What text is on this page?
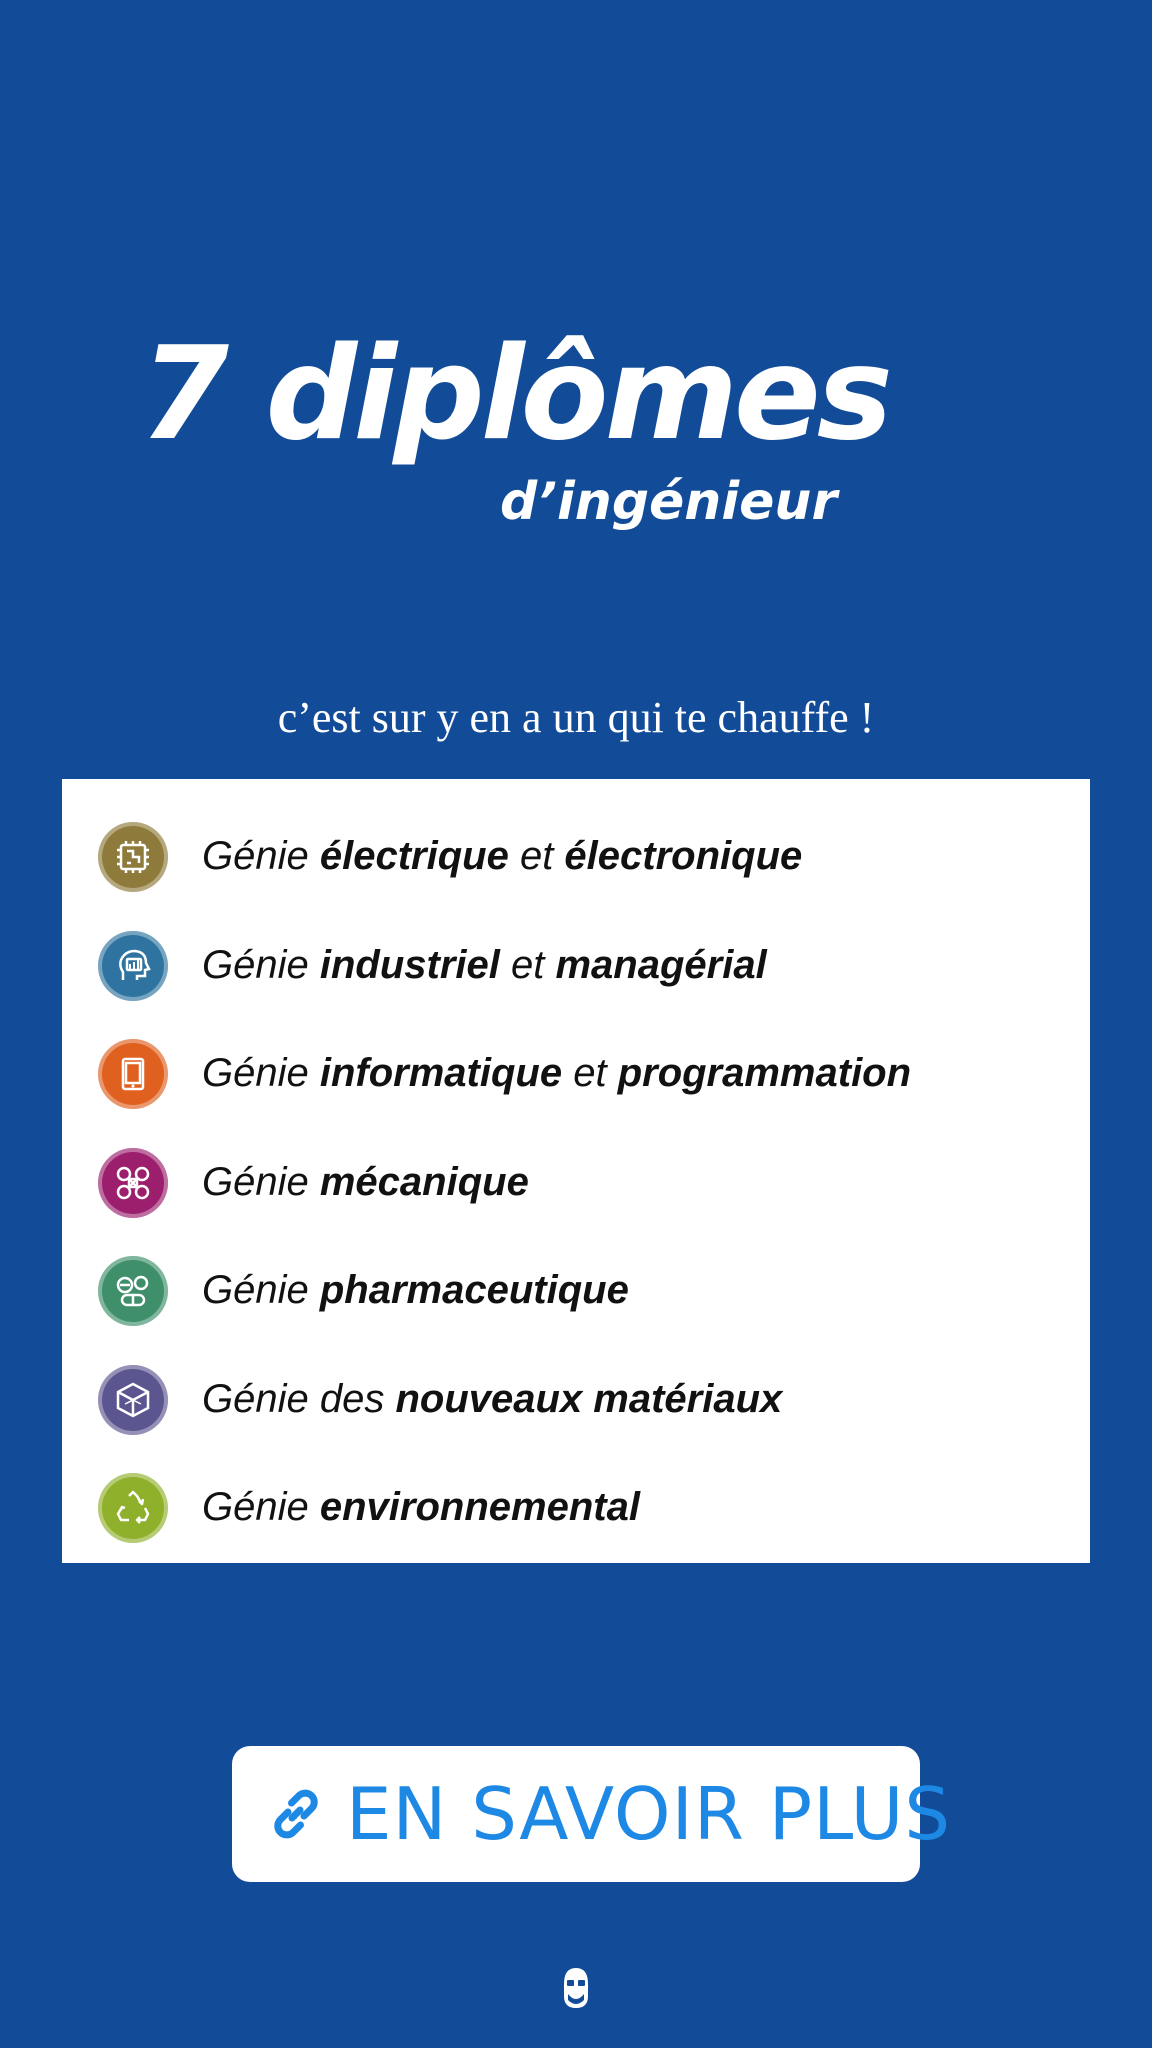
7 diplômes
d’ingénieur
c’est sur y en a un qui te chauffe !
Génie électrique et électronique
Génie industriel et managérial
Génie informatique et programmation
Génie mécanique
Génie pharmaceutique
Génie des nouveaux matériaux
Génie environnemental
EN SAVOIR PLUS
